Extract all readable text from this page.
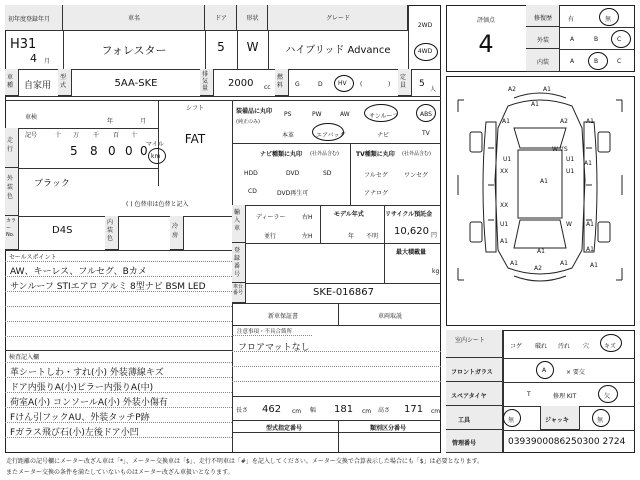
初年度登録年月	車名	ドア	形状	グレード
2WD
H31
4 月
フォレスター	5	W	ハイブリッド Advance	4WD
車種 自家用
型式	5AA-SKE
排気量 2000 cc
燃料	G	D	HV (	)
定員 5
人
車検
年	月
シフト
FAT
走行
記号	十 万 千 百 十
マイル
5 8 0 0 0 km
外装色
ブラック
( ) 色替車は色替と記入
カラーNo.	D4S
内装色
冷房
セールスポイント
AW、キーレス、フルセグ、Bカメ
サンルーフ STIエアロ アルミ 8型ナビ BSM LED
検査記入欄
革シートしわ・すれ(小) 外装薄線キズ
ドア内張りA(小)ピラー内張りA(中)
荷室A(小) コンソールA(小) 外装小傷有
Fけん引フックAU、外装タッチP跡
Fガラス飛び石(小)左後ドア小凹
装備品に丸印
(純正のみ)
PS	PW	AW	サンルーフ	ABS
本革	エアバッグ	ナビ	TV
ナビ種類に丸印 (社外品含む)
HDD	DVD	SD
CD	DVD再生可
TV種類に丸印 (社外品含む)
フルセグ	ワンセグ
アナログ
輸入車
ディーラー
並行
右H
左H
モデル年式
年 不明
リサイクル預託金
10,620 円
登録番号
最大積載量
kg
車台番号	SKE-016867
新車保証書	車両取説
注意事項・不具合箇所
フロアマットなし
長さ 462 cm 幅 181 cm 高さ 171 cm
型式指定番号	類別区分番号
評価点
4
修復歴	有	無
外装	A	B	C
内装	A	B	C
A2	A1
A1
A1	A2	A1
WガS
XX
U1	U1
A1
U1
A1
XX
U1	W A1
A1
A1
A1
A1
A2
A1	A1
室内シート
コゲ 破れ 汚れ 穴 キズ
フロントガラス	A	× 要交
スペアタイヤ	T	修理 KIT	欠
工具	無	ジャッキ	無
管理番号	0393900086250300 2724
走行距離の記号欄にメーター改ざん車は「*」、メーター交換車は「$」、走行不明車は「#」を記入してください。メーター交換で合算表示した場合にも「$」は必要となります。
またメーター交換の条件を満たしていないものはメーター改ざん車扱いとなります。
